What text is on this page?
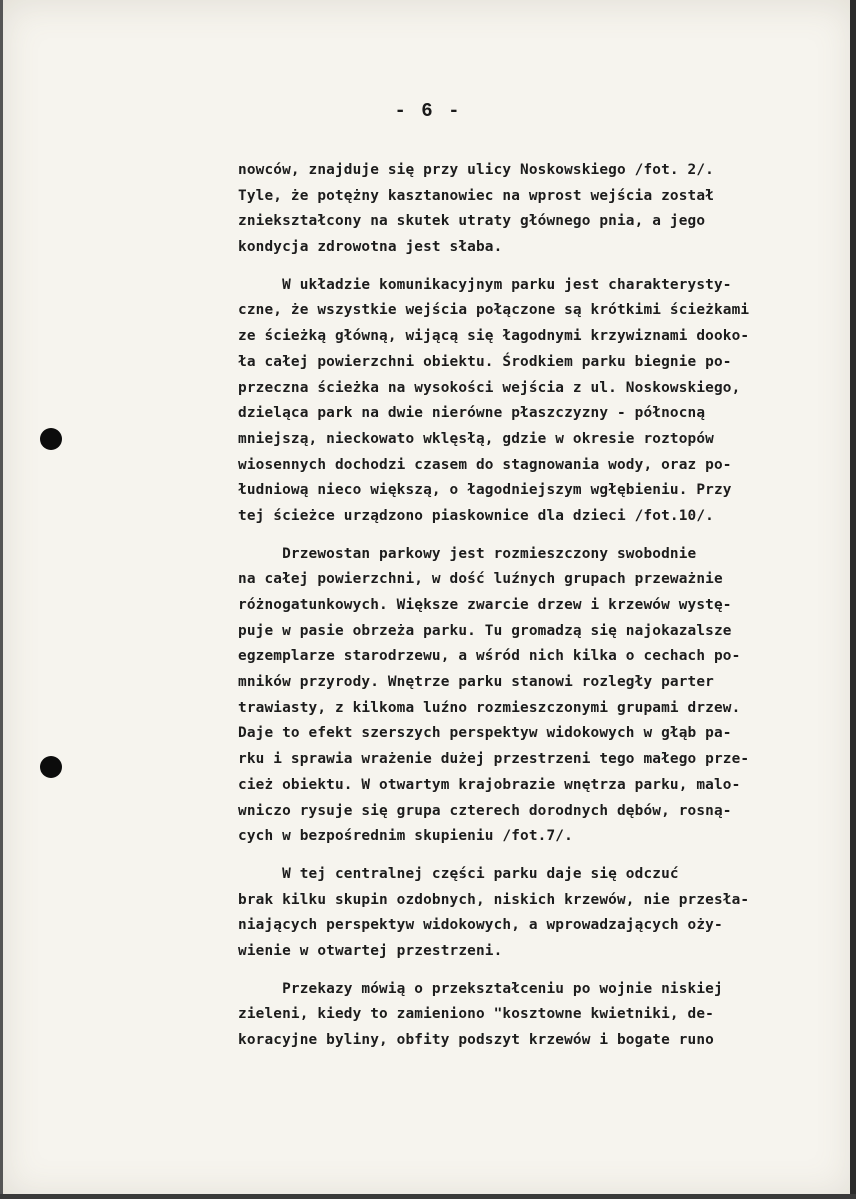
- 6 -
nowców, znajduje się przy ulicy Noskowskiego /fot. 2/.
Tyle, że potężny kasztanowiec na wprost wejścia został
zniekształcony na skutek utraty głównego pnia, a jego
kondycja zdrowotna jest słaba.
W układzie komunikacyjnym parku jest charakterysty-
czne, że wszystkie wejścia połączone są krótkimi ścieżkami
ze ścieżką główną, wijącą się łagodnymi krzywiznami dooko-
ła całej powierzchni obiektu. Środkiem parku biegnie po-
przeczna ścieżka na wysokości wejścia z ul. Noskowskiego,
dzieląca park na dwie nierówne płaszczyzny - północną
mniejszą, nieckowato wklęsłą, gdzie w okresie roztopów
wiosennych dochodzi czasem do stagnowania wody, oraz po-
łudniową nieco większą, o łagodniejszym wgłębieniu. Przy
tej ścieżce urządzono piaskownice dla dzieci /fot.10/.
Drzewostan parkowy jest rozmieszczony swobodnie
na całej powierzchni, w dość luźnych grupach przeważnie
różnogatunkowych. Większe zwarcie drzew i krzewów wystę-
puje w pasie obrzeża parku. Tu gromadzą się najokazalsze
egzemplarze starodrzewu, a wśród nich kilka o cechach po-
mników przyrody. Wnętrze parku stanowi rozległy parter
trawiasty, z kilkoma luźno rozmieszczonymi grupami drzew.
Daje to efekt szerszych perspektyw widokowych w głąb pa-
rku i sprawia wrażenie dużej przestrzeni tego małego prze-
cież obiektu. W otwartym krajobrazie wnętrza parku, malo-
wniczo rysuje się grupa czterech dorodnych dębów, rosną-
cych w bezpośrednim skupieniu /fot.7/.
W tej centralnej części parku daje się odczuć
brak kilku skupin ozdobnych, niskich krzewów, nie przesła-
niających perspektyw widokowych, a wprowadzających oży-
wienie w otwartej przestrzeni.
Przekazy mówią o przekształceniu po wojnie niskiej
zieleni, kiedy to zamieniono "kosztowne kwietniki, de-
koracyjne byliny, obfity podszyt krzewów i bogate runo
